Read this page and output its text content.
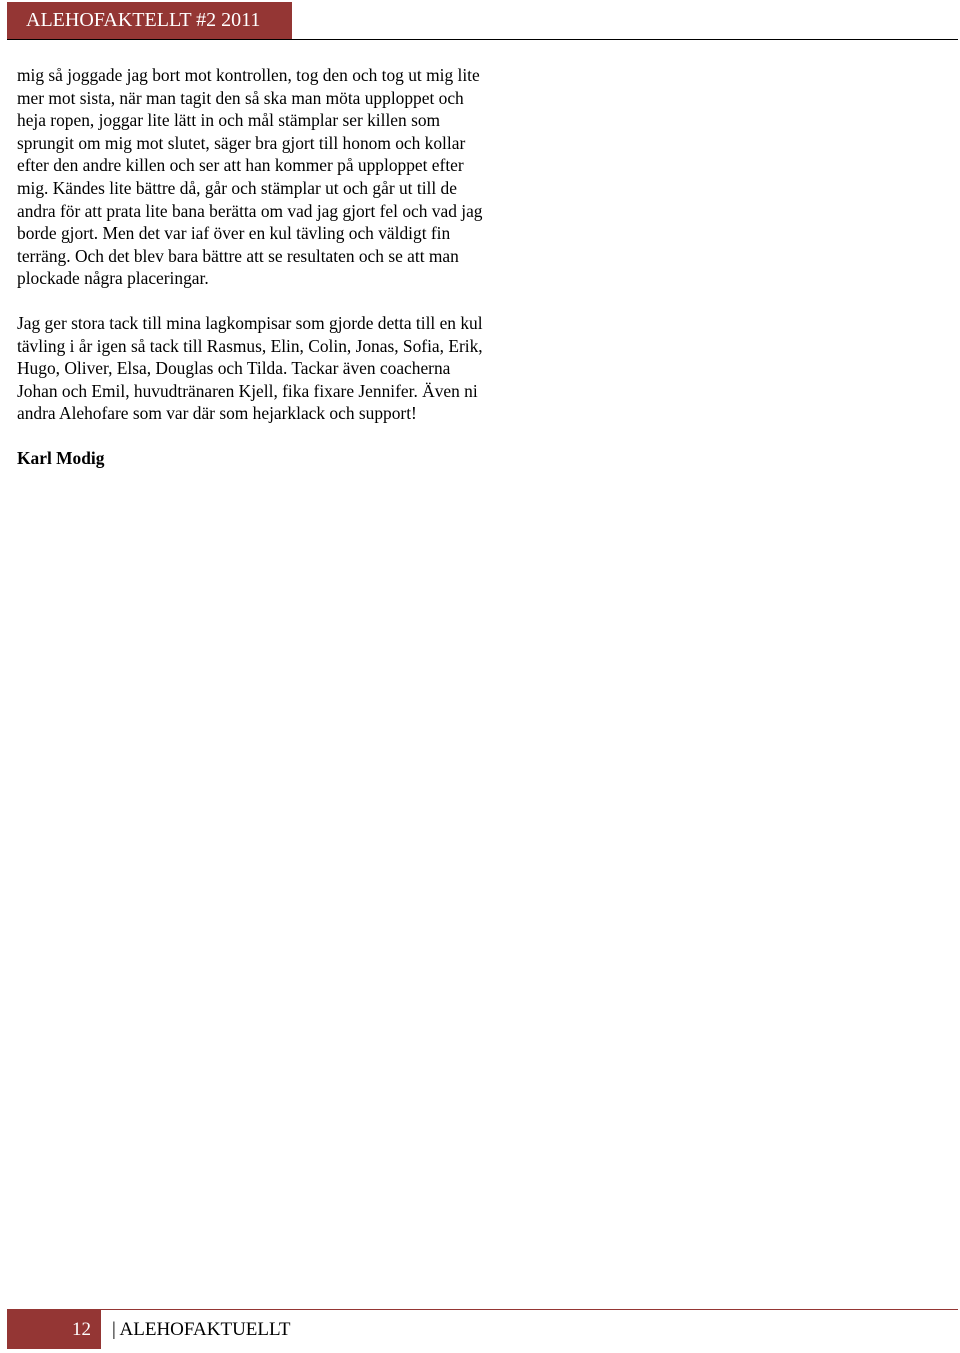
ALEHOFAKTELLT #2 2011

mig så joggade jag bort mot kontrollen, tog den och tog ut mig lite mer mot sista, när man tagit den så ska man möta upploppet och heja ropen, joggar lite lätt in och mål stämplar ser killen som sprungit om mig mot slutet, säger bra gjort till honom och kollar efter den andre killen och ser att han kommer på upploppet efter mig. Kändes lite bättre då, går och stämplar ut och går ut till de andra för att prata lite bana berätta om vad jag gjort fel och vad jag borde gjort. Men det var iaf över en kul tävling och väldigt fin terräng. Och det blev bara bättre att se resultaten och se att man plockade några placeringar.

Jag ger stora tack till mina lagkompisar som gjorde detta till en kul tävling i år igen så tack till Rasmus, Elin, Colin, Jonas, Sofia, Erik, Hugo, Oliver, Elsa, Douglas och Tilda. Tackar även coacherna Johan och Emil, huvudtränaren Kjell, fika fixare Jennifer. Även ni andra Alehofare som var där som hejarklack och support!

Karl Modig

12	| ALEHOFAKTUELLT
